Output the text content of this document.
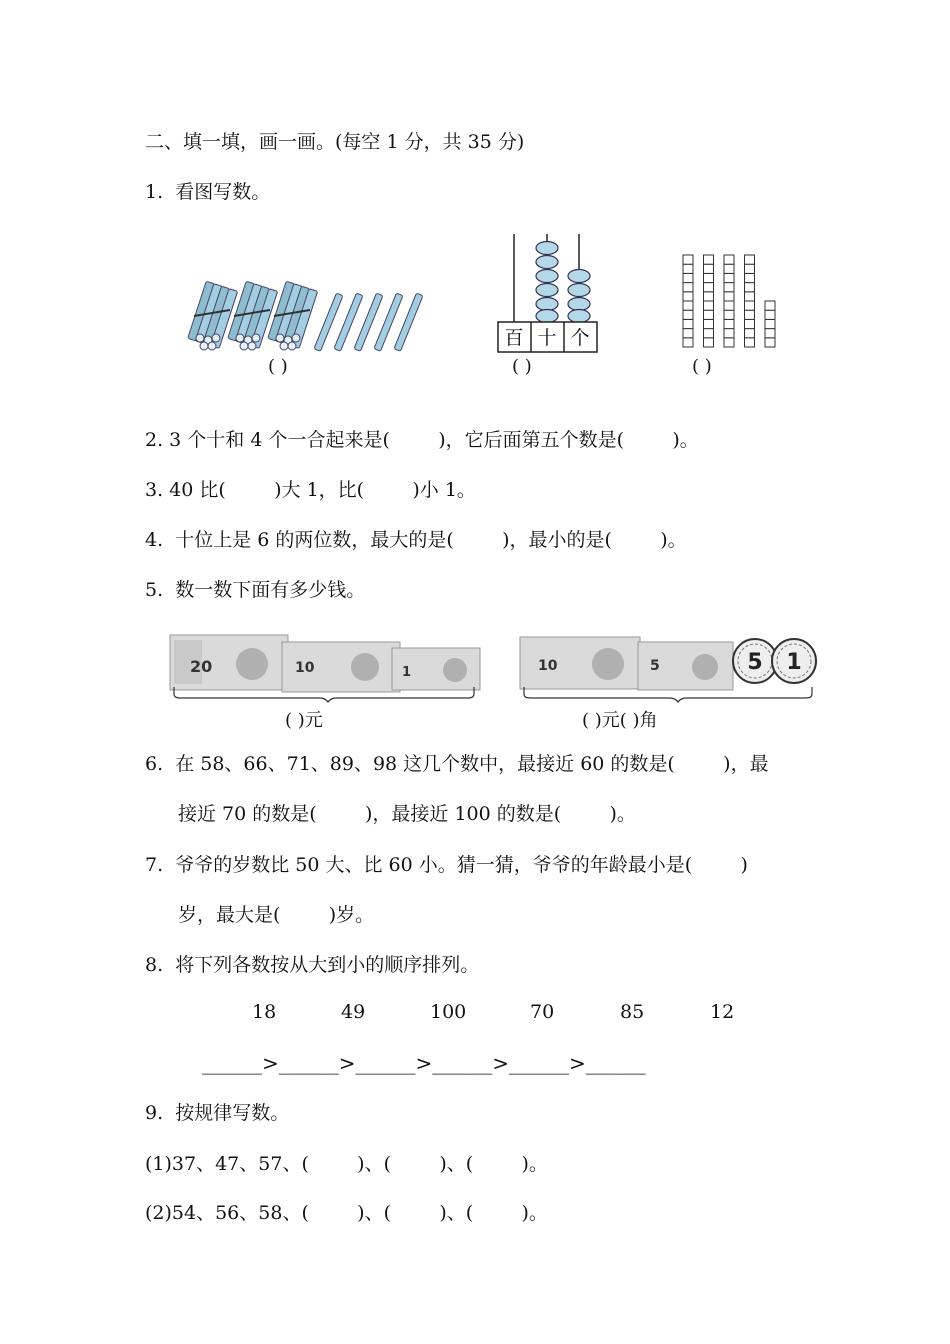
二、填一填，画一画。(每空 1 分，共 35 分)
1.  看图写数。
( )
百 十 个
( )	( )
2. 3 个十和 4 个一合起来是(        )，它后面第五个数是(        )。
3. 40 比(        )大 1，比(        )小 1。
4.  十位上是 6 的两位数，最大的是(        )，最小的是(        )。
5.  数一数下面有多少钱。
20	10	1
( )元
10	5	5 1
( )元( )角
6.  在 58、66、71、89、98 这几个数中，最接近 60 的数是(        )，最
接近 70 的数是(        )，最接近 100 的数是(        )。
7.  爷爷的岁数比 50 大、比 60 小。猜一猜，爷爷的年龄最小是(        )
岁，最大是(        )岁。
8.  将下列各数按从大到小的顺序排列。
18	49	100	70	85	12
______>______>______>______>______>______
9.  按规律写数。
(1)37、47、57、(        )、(        )、(        )。
(2)54、56、58、(        )、(        )、(        )。
